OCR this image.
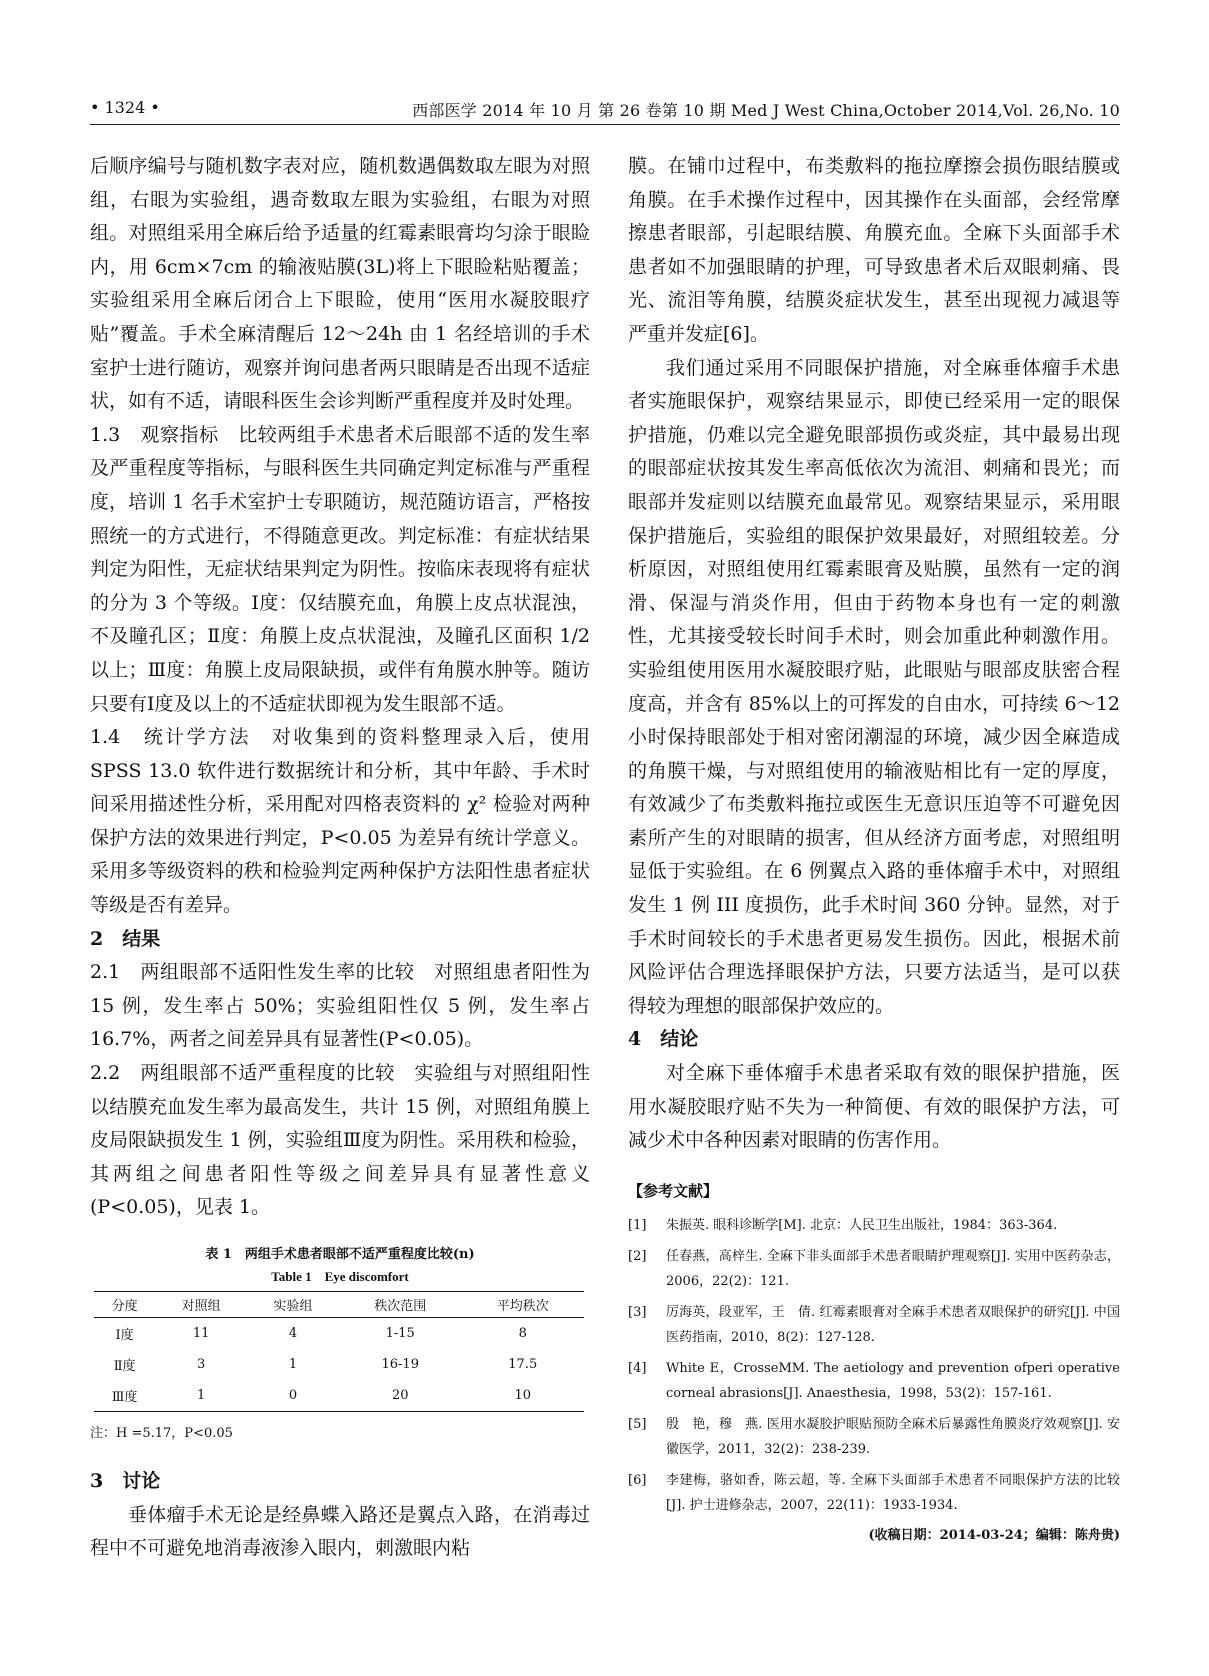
• 1324 •	西部医学 2014 年 10 月 第 26 卷第 10 期 Med J West China,October 2014,Vol. 26,No. 10

后顺序编号与随机数字表对应，随机数遇偶数取左眼为对照组，右眼为实验组，遇奇数取左眼为实验组，右眼为对照组。对照组采用全麻后给予适量的红霉素眼膏均匀涂于眼睑内，用 6cm×7cm 的输液贴膜(3L)将上下眼睑粘贴覆盖；实验组采用全麻后闭合上下眼睑，使用“医用水凝胶眼疗贴”覆盖。手术全麻清醒后 12～24h 由 1 名经培训的手术室护士进行随访，观察并询问患者两只眼睛是否出现不适症状，如有不适，请眼科医生会诊判断严重程度并及时处理。

1.3　观察指标　比较两组手术患者术后眼部不适的发生率及严重程度等指标，与眼科医生共同确定判定标准与严重程度，培训 1 名手术室护士专职随访，规范随访语言，严格按照统一的方式进行，不得随意更改。判定标准：有症状结果判定为阳性，无症状结果判定为阴性。按临床表现将有症状的分为 3 个等级。Ⅰ度：仅结膜充血，角膜上皮点状混浊，不及瞳孔区；Ⅱ度：角膜上皮点状混浊，及瞳孔区面积 1/2 以上；Ⅲ度：角膜上皮局限缺损，或伴有角膜水肿等。随访只要有Ⅰ度及以上的不适症状即视为发生眼部不适。

1.4　统计学方法　对收集到的资料整理录入后，使用 SPSS 13.0 软件进行数据统计和分析，其中年龄、手术时间采用描述性分析，采用配对四格表资料的 χ² 检验对两种保护方法的效果进行判定，P<0.05 为差异有统计学意义。采用多等级资料的秩和检验判定两种保护方法阳性患者症状等级是否有差异。

2　结果

2.1　两组眼部不适阳性发生率的比较　对照组患者阳性为 15 例，发生率占 50%；实验组阳性仅 5 例，发生率占 16.7%，两者之间差异具有显著性(P<0.05)。

2.2　两组眼部不适严重程度的比较　实验组与对照组阳性以结膜充血发生率为最高发生，共计 15 例，对照组角膜上皮局限缺损发生 1 例，实验组Ⅲ度为阴性。采用秩和检验，其两组之间患者阳性等级之间差异具有显著性意义(P<0.05)，见表 1。

表 1　两组手术患者眼部不适严重程度比较(n)
Table 1　Eye discomfort
分度	对照组	实验组	秩次范围	平均秩次
Ⅰ度	11	4	1-15	8
Ⅱ度	3	1	16-19	17.5
Ⅲ度	1	0	20	10

注：H =5.17，P<0.05

3　讨论

垂体瘤手术无论是经鼻蝶入路还是翼点入路，在消毒过程中不可避免地消毒液渗入眼内，刺激眼内粘

膜。在铺巾过程中，布类敷料的拖拉摩擦会损伤眼结膜或角膜。在手术操作过程中，因其操作在头面部，会经常摩擦患者眼部，引起眼结膜、角膜充血。全麻下头面部手术患者如不加强眼睛的护理，可导致患者术后双眼刺痛、畏光、流泪等角膜，结膜炎症状发生，甚至出现视力减退等严重并发症[6]。

我们通过采用不同眼保护措施，对全麻垂体瘤手术患者实施眼保护，观察结果显示，即使已经采用一定的眼保护措施，仍难以完全避免眼部损伤或炎症，其中最易出现的眼部症状按其发生率高低依次为流泪、刺痛和畏光；而眼部并发症则以结膜充血最常见。观察结果显示，采用眼保护措施后，实验组的眼保护效果最好，对照组较差。分析原因，对照组使用红霉素眼膏及贴膜，虽然有一定的润滑、保湿与消炎作用，但由于药物本身也有一定的刺激性，尤其接受较长时间手术时，则会加重此种刺激作用。实验组使用医用水凝胶眼疗贴，此眼贴与眼部皮肤密合程度高，并含有 85%以上的可挥发的自由水，可持续 6～12 小时保持眼部处于相对密闭潮湿的环境，减少因全麻造成的角膜干燥，与对照组使用的输液贴相比有一定的厚度，有效减少了布类敷料拖拉或医生无意识压迫等不可避免因素所产生的对眼睛的损害，但从经济方面考虑，对照组明显低于实验组。在 6 例翼点入路的垂体瘤手术中，对照组发生 1 例 III 度损伤，此手术时间 360 分钟。显然，对于手术时间较长的手术患者更易发生损伤。因此，根据术前风险评估合理选择眼保护方法，只要方法适当，是可以获得较为理想的眼部保护效应的。

4　结论

对全麻下垂体瘤手术患者采取有效的眼保护措施，医用水凝胶眼疗贴不失为一种简便、有效的眼保护方法，可减少术中各种因素对眼睛的伤害作用。

【参考文献】
[1]	朱振英. 眼科诊断学[M]. 北京：人民卫生出版社，1984：363-364.
[2]	任春燕，高梓生. 全麻下非头面部手术患者眼睛护理观察[J]. 实用中医药杂志，2006，22(2)：121.
[3]	厉海英，段亚军，王　倩. 红霉素眼膏对全麻手术患者双眼保护的研究[J]. 中国医药指南，2010，8(2)：127-128.
[4]	White E，CrosseMM. The aetiology and prevention ofperi operative corneal abrasions[J]. Anaesthesia，1998，53(2)：157-161.
[5]	殷　艳，穆　燕. 医用水凝胶护眼贴预防全麻术后暴露性角膜炎疗效观察[J]. 安徽医学，2011，32(2)：238-239.
[6]	李建梅，骆如香，陈云超，等. 全麻下头面部手术患者不同眼保护方法的比较[J]. 护士进修杂志，2007，22(11)：1933-1934.
(收稿日期：2014-03-24；编辑：陈舟贵)
